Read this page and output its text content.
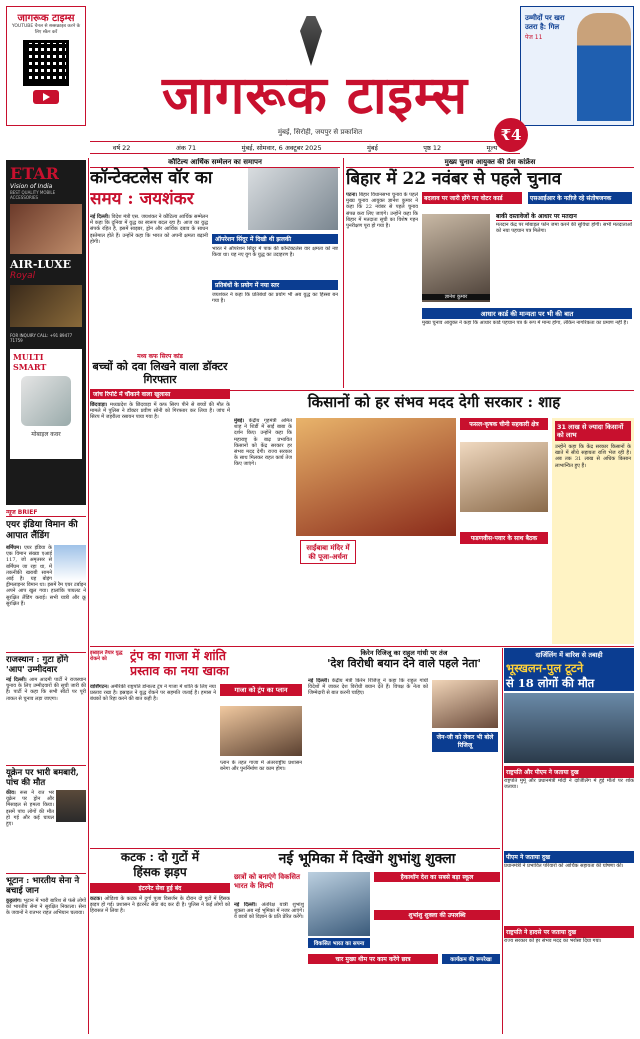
जागरूक टाइम्स
YOUTUBE चैनल से सब्सक्राइब करने के लिए स्कैन करें
जागरूक टाइम्स
मुंबई, सिरोही, जयपुर से प्रकाशित
उम्मीदों पर खरा उतरा है: गिल
पेज 11
वर्ष 22	अंक 71	मुंबई, सोमवार, 6 अक्टूबर 2025	मुंबई	पृष्ठ 12	मूल्य
₹4
ETAR
Vision of India
BEST QUALITY MOBILE ACCESSORIES
AIR-LUXE
Royal
FOR INQUIRY CALL: +91 89477 71759
MULTI SMART
मोबाइल कवर
न्यूज BRIEF
एयर इंडिया विमान की आपात लैंडिंग
बर्मिंघम। एयर इंडिया के एक विमान संख्या एआई 117, जो अमृतसर से बर्मिंघम जा रहा था, में तकनीकी खराबी सामने आई है। यह बोइंग ड्रीमलाइनर विमान था। इसमें रैम एयर टर्बाइन अपने आप खुल गया। हालांकि पायलट ने सुरक्षित लैंडिंग कराई। सभी यात्री और क्रू सुरक्षित हैं।
राजस्थान : गुटा होंगे 'आप' उम्मीदवार
नई दिल्ली। आम आदमी पार्टी ने राजस्थान चुनाव के लिए उम्मीदवारों की सूची जारी की है। पार्टी ने कहा कि सभी सीटों पर पूरी ताकत से चुनाव लड़ा जाएगा।
यूक्रेन पर भारी बमबारी, पांच की मौत
कीव। रूस ने रात भर यूक्रेन पर ड्रोन और मिसाइल से हमला किया। इसमें पांच लोगों की मौत हो गई और कई घायल हुए।
भूटान : भारतीय सेना ने बचाई जान
कुट्टलांग। भूटान में भारी बारिश से फंसे लोगों को भारतीय सेना ने सुरक्षित निकाला। सेना के जवानों ने रातभर राहत अभियान चलाया।
कौटिल्य आर्थिक सम्मेलन का समापन
कॉन्टेक्टलेस वॉर का
समय : जयशंकर
नई दिल्ली। विदेश मंत्री एस. जयशंकर ने कौटिल्य आर्थिक सम्मेलन में कहा कि दुनिया में युद्ध का स्वरूप बदल रहा है। आज का युद्ध संपर्क रहित है, इसमें साइबर, ड्रोन और आर्थिक दबाव के साधन इस्तेमाल होते हैं। उन्होंने कहा कि भारत को अपनी क्षमता बढ़ानी होगी।	ऑपरेशन सिंदूर में दिखी थी झलकी
भारत ने ऑपरेशन सिंदूर में पाक की कॉन्टेक्टलेस वार क्षमता को नष्ट किया था। यह नए युग के युद्ध का उदाहरण है।
प्रतिबंधों के प्रयोग में नया स्तर
जयशंकर ने कहा कि प्रतिबंधों का प्रयोग भी अब युद्ध का हिस्सा बन गया है।
मुख्य चुनाव आयुक्त की प्रेस कांफ्रेंस
बिहार में 22 नवंबर से पहले चुनाव
बदलाव पर जारी होंगे नए वोटर कार्ड	एसआईआर के नतीजे रहे संतोषजनक
पटना। बिहार विधानसभा चुनाव के पहले मुख्य चुनाव आयुक्त ज्ञानेश कुमार ने कहा कि 22 नवंबर से पहले चुनाव संपन्न करा लिए जाएंगे। उन्होंने कहा कि बिहार में मतदाता सूची का विशेष गहन पुनरीक्षण पूरा हो गया है।
ज्ञानेश कुमार
बाकी दस्तावेजों के आधार पर मतदान
मतदान केंद्र पर मोबाइल फोन जमा करने की सुविधा होगी। सभी मतदाताओं को नया पहचान पत्र मिलेगा।
आधार कार्ड की मान्यता पर भी की बात
मुख्य चुनाव आयुक्त ने कहा कि आधार कार्ड पहचान पत्र के रूप में मान्य होगा, लेकिन नागरिकता का प्रमाण नहीं है।
मध्य कफ सिरप कांड
बच्चों को दवा लिखने वाला डॉक्टर गिरफ्तार
जांच रिपोर्ट में चौंकाने वाला खुलासा
छिंदवाड़ा। मध्यप्रदेश के छिंदवाड़ा में कफ सिरप पीने से बच्चों की मौत के मामले में पुलिस ने डॉक्टर प्रवीण सोनी को गिरफ्तार कर लिया है। जांच में सिरप में जहरीला रसायन पाया गया है।
किसानों को हर संभव मदद देगी सरकार : शाह
मुंबई। केंद्रीय गृहमंत्री अमित शाह ने शिर्डी में साईं बाबा के दर्शन किए। उन्होंने कहा कि महाराष्ट्र के बाढ़ प्रभावित किसानों को केंद्र सरकार हर संभव मदद देगी। राज्य सरकार के साथ मिलकर राहत कार्य तेज किए जाएंगे।
साईंबाबा मंदिर में की पूजा-अर्चना
फसल-कृषक चीनी सहकारी क्षेत्र
फडणवीस-पवार के साथ बैठक
31 लाख से ज्यादा किसानों को लाभ
उन्होंने कहा कि केंद्र सरकार किसानों के खाते में सीधे सहायता राशि भेज रही है। अब तक 31 लाख से अधिक किसान लाभान्वित हुए हैं।
इस्राइल तैयार युद्ध रोकने को	ट्रंप का गाजा में शांति
प्रस्ताव का नया खाका
वाशिंगटन। अमेरिकी राष्ट्रपति डोनाल्ड ट्रंप ने गाजा में शांति के लिए नया प्रस्ताव रखा है। इस्राइल ने युद्ध रोकने पर सहमति जताई है। हमास ने बंधकों को रिहा करने की बात कही है।
गाजा को ट्रंप का प्लान
प्लान के तहत गाजा में अंतरराष्ट्रीय प्रशासन बनेगा और पुनर्निर्माण का काम होगा।
किरेन रिजिजू का राहुल गांधी पर तंज
'देश विरोधी बयान देने वाले पहले नेता'
नई दिल्ली। केंद्रीय मंत्री किरेन रिजिजू ने कहा कि राहुल गांधी विदेशों में जाकर देश विरोधी बयान देते हैं। विपक्ष के नेता को जिम्मेदारी से बात करनी चाहिए।
जेन-जी को लेकर भी बोले रिजिजू
दार्जिलिंग में बारिश से तबाही
भूस्खलन-पुल टूटने
से 18 लोगों की मौत
राष्ट्रपति और पीएम ने जताया दुख
राष्ट्रपति मुर्मू और प्रधानमंत्री मोदी ने दार्जिलिंग में हुई मौतों पर शोक जताया।
पीएम ने जताया दुख
प्रधानमंत्री ने प्रभावित परिवारों को आर्थिक सहायता की घोषणा की।
राष्ट्रपति ने हादसे पर जताया दुख
राज्य सरकार को हर संभव मदद का भरोसा दिया गया।
कटक : दो गुटों में
हिंसक झड़प
इंटरनेट सेवा हुई बंद
कटक। ओडिशा के कटक में दुर्गा पूजा विसर्जन के दौरान दो गुटों में हिंसक झड़प हो गई। प्रशासन ने इंटरनेट सेवा बंद कर दी है। पुलिस ने कई लोगों को हिरासत में लिया है।
नई भूमिका में दिखेंगे शुभांशु शुक्ला
छात्रों को बनाएंगे विकसित भारत के शिल्पी
नई दिल्ली। अंतरिक्ष यात्री शुभांशु शुक्ला अब नई भूमिका में नजर आएंगे। वे छात्रों को विज्ञान के प्रति प्रेरित करेंगे।
विकसित भारत का सपना
हैकाथॉन देश का सबसे बड़ा स्कूल
शुभांशु शुक्ला की उपलब्धि
चार मुख्य थीम पर काम करेंगे छात्र	कार्यक्रम की रूपरेखा
